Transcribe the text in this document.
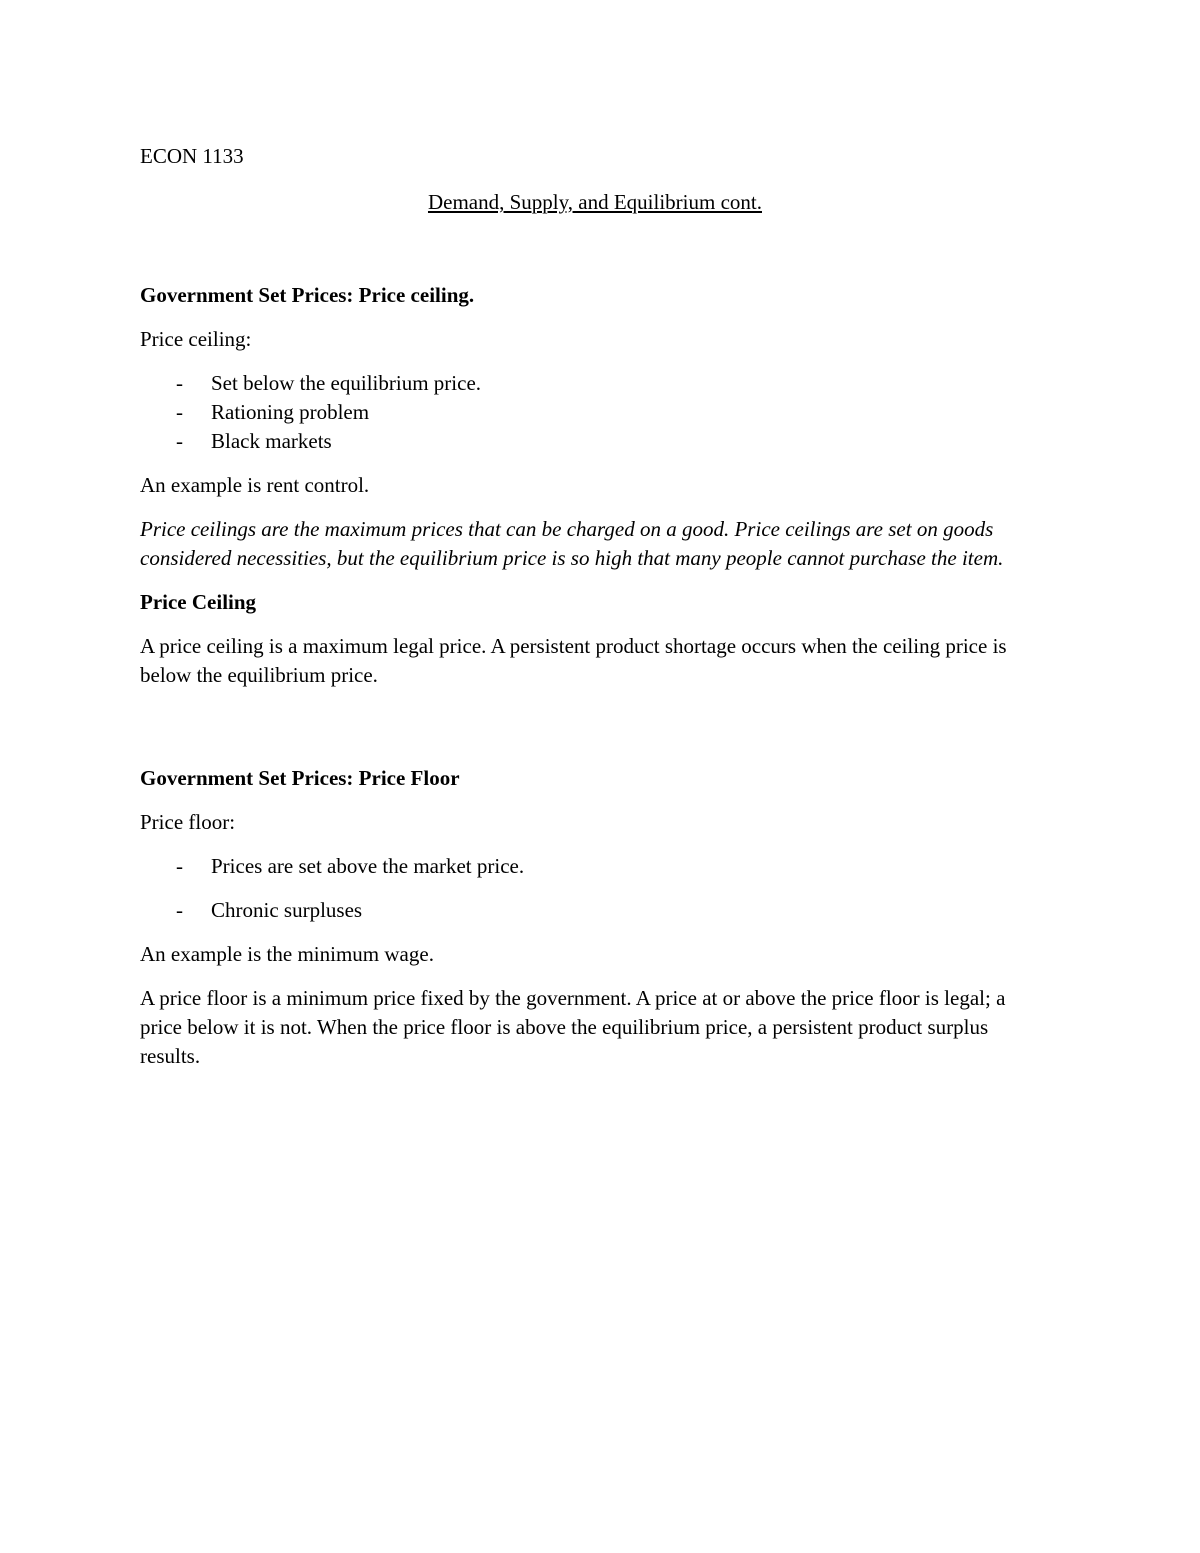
ECON 1133
Demand, Supply, and Equilibrium cont.
Government Set Prices: Price ceiling.

Price ceiling:

- Set below the equilibrium price.
- Rationing problem
- Black markets

An example is rent control.

Price ceilings are the maximum prices that can be charged on a good. Price ceilings are set on goods considered necessities, but the equilibrium price is so high that many people cannot purchase the item.

Price Ceiling

A price ceiling is a maximum legal price. A persistent product shortage occurs when the ceiling price is below the equilibrium price.

Government Set Prices: Price Floor

Price floor:

- Prices are set above the market price.
- Chronic surpluses

An example is the minimum wage.

A price floor is a minimum price fixed by the government. A price at or above the price floor is legal; a price below it is not. When the price floor is above the equilibrium price, a persistent product surplus results.
